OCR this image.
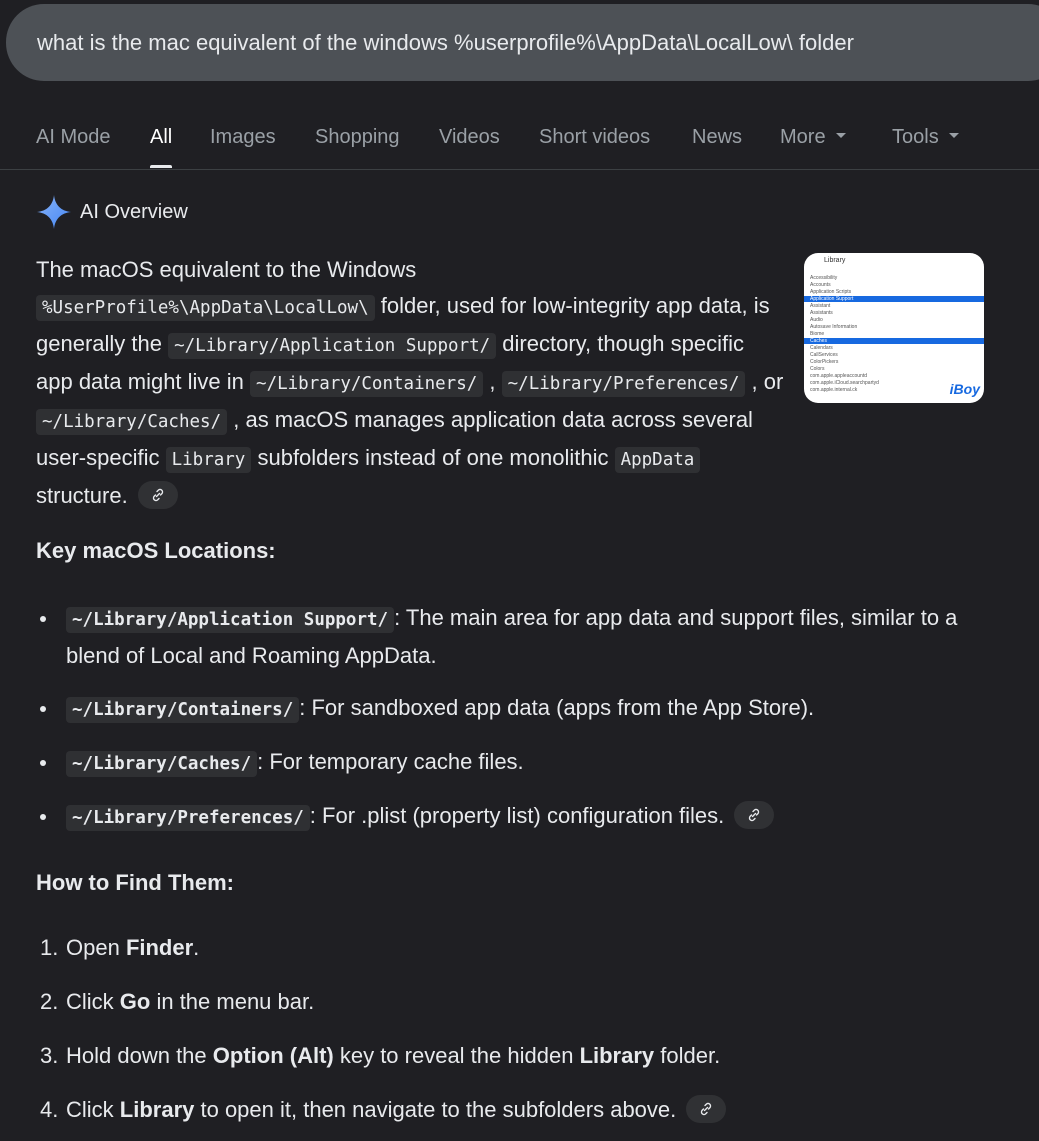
what is the mac equivalent of the windows %userprofile%\AppData\LocalLow\ folder
AI Mode All Images Shopping Videos Short videos News More	Tools
AI Overview
Library
Accessibility
Accounts
Application Scripts
Application Support
Assistant
Assistants
Audio
Autosave Information
Biome
Caches
Calendars
CallServices
ColorPickers
Colors
com.apple.appleaccountd
com.apple.iCloud.searchpartyd
com.apple.internal.ck	iBoy

The macOS equivalent to the Windows
%UserProfile%\AppData\LocalLow\ folder, used for low-integrity app data, is generally the ~/Library/Application Support/ directory, though specific app data might live in ~/Library/Containers/ , ~/Library/Preferences/ , or ~/Library/Caches/ , as macOS manages application data across several user-specific Library subfolders instead of one monolithic AppData structure.

Key macOS Locations:
~/Library/Application Support/ : The main area for app data and support files, similar to a blend of Local and Roaming AppData.
~/Library/Containers/ : For sandboxed app data (apps from the App Store).
~/Library/Caches/ : For temporary cache files.
~/Library/Preferences/ : For .plist (property list) configuration files.
How to Find Them:
1. Open Finder.
2. Click Go in the menu bar.
3. Hold down the Option (Alt) key to reveal the hidden Library folder.
4. Click Library to open it, then navigate to the subfolders above.
